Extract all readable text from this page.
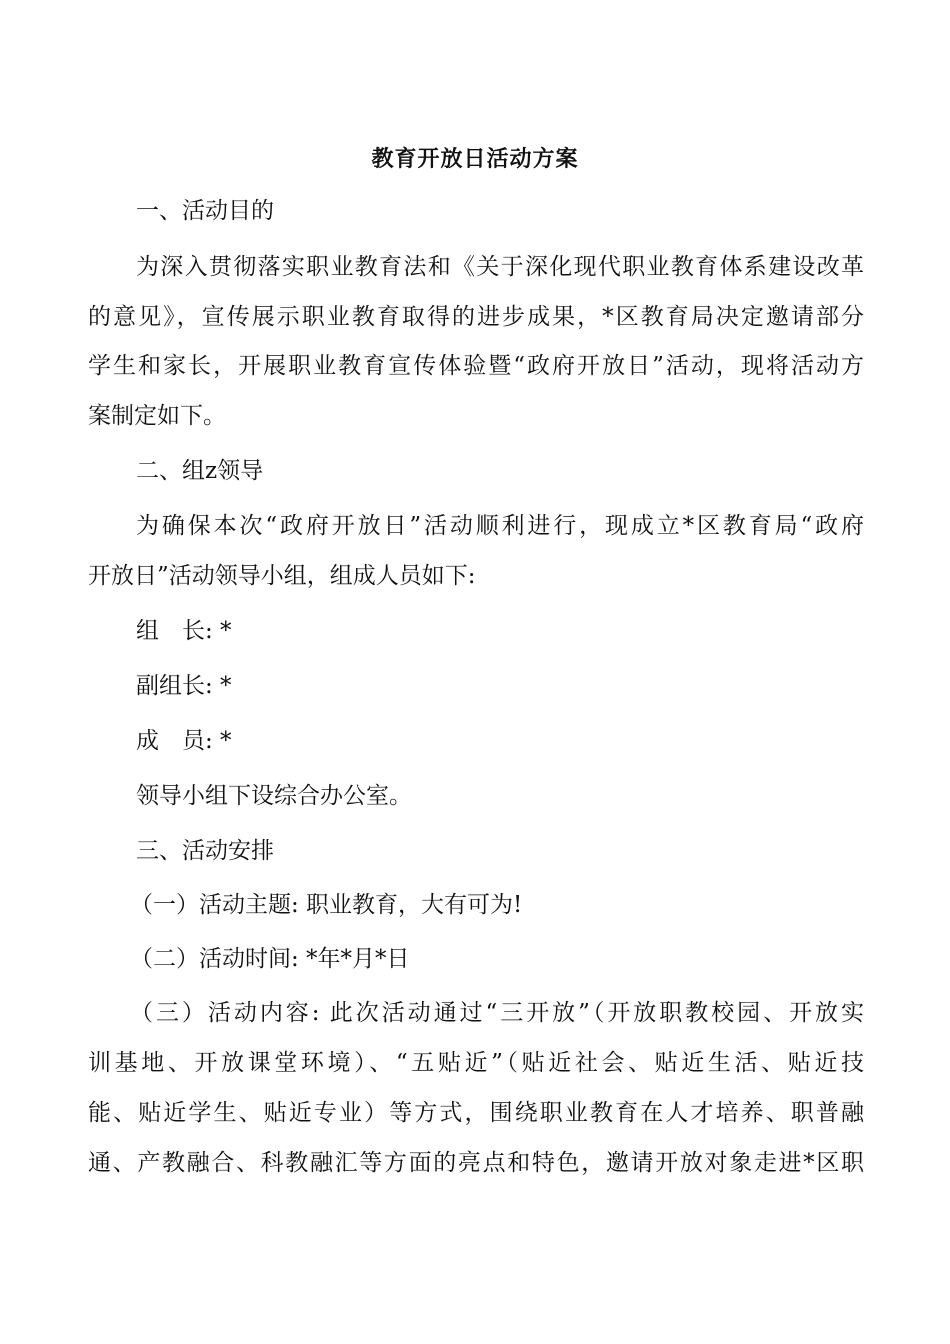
教育开放日活动方案

一、活动目的

为深入贯彻落实职业教育法和《关于深化现代职业教育体系建设改革

的意见》，宣传展示职业教育取得的进步成果，*区教育局决定邀请部分

学生和家长，开展职业教育宣传体验暨“政府开放日”活动，现将活动方

案制定如下。

二、组z领导

为确保本次“政府开放日”活动顺利进行，现成立*区教育局“政府

开放日”活动领导小组，组成人员如下:

组　长: *

副组长: *

成　员: *

领导小组下设综合办公室。

三、活动安排

（一）活动主题: 职业教育，大有可为!

（二）活动时间: *年*月*日

（三）活动内容: 此次活动通过“三开放”（开放职教校园、开放实

训基地、开放课堂环境）、“五贴近”（贴近社会、贴近生活、贴近技

能、贴近学生、贴近专业）等方式，围绕职业教育在人才培养、职普融

通、产教融合、科教融汇等方面的亮点和特色，邀请开放对象走进*区职
